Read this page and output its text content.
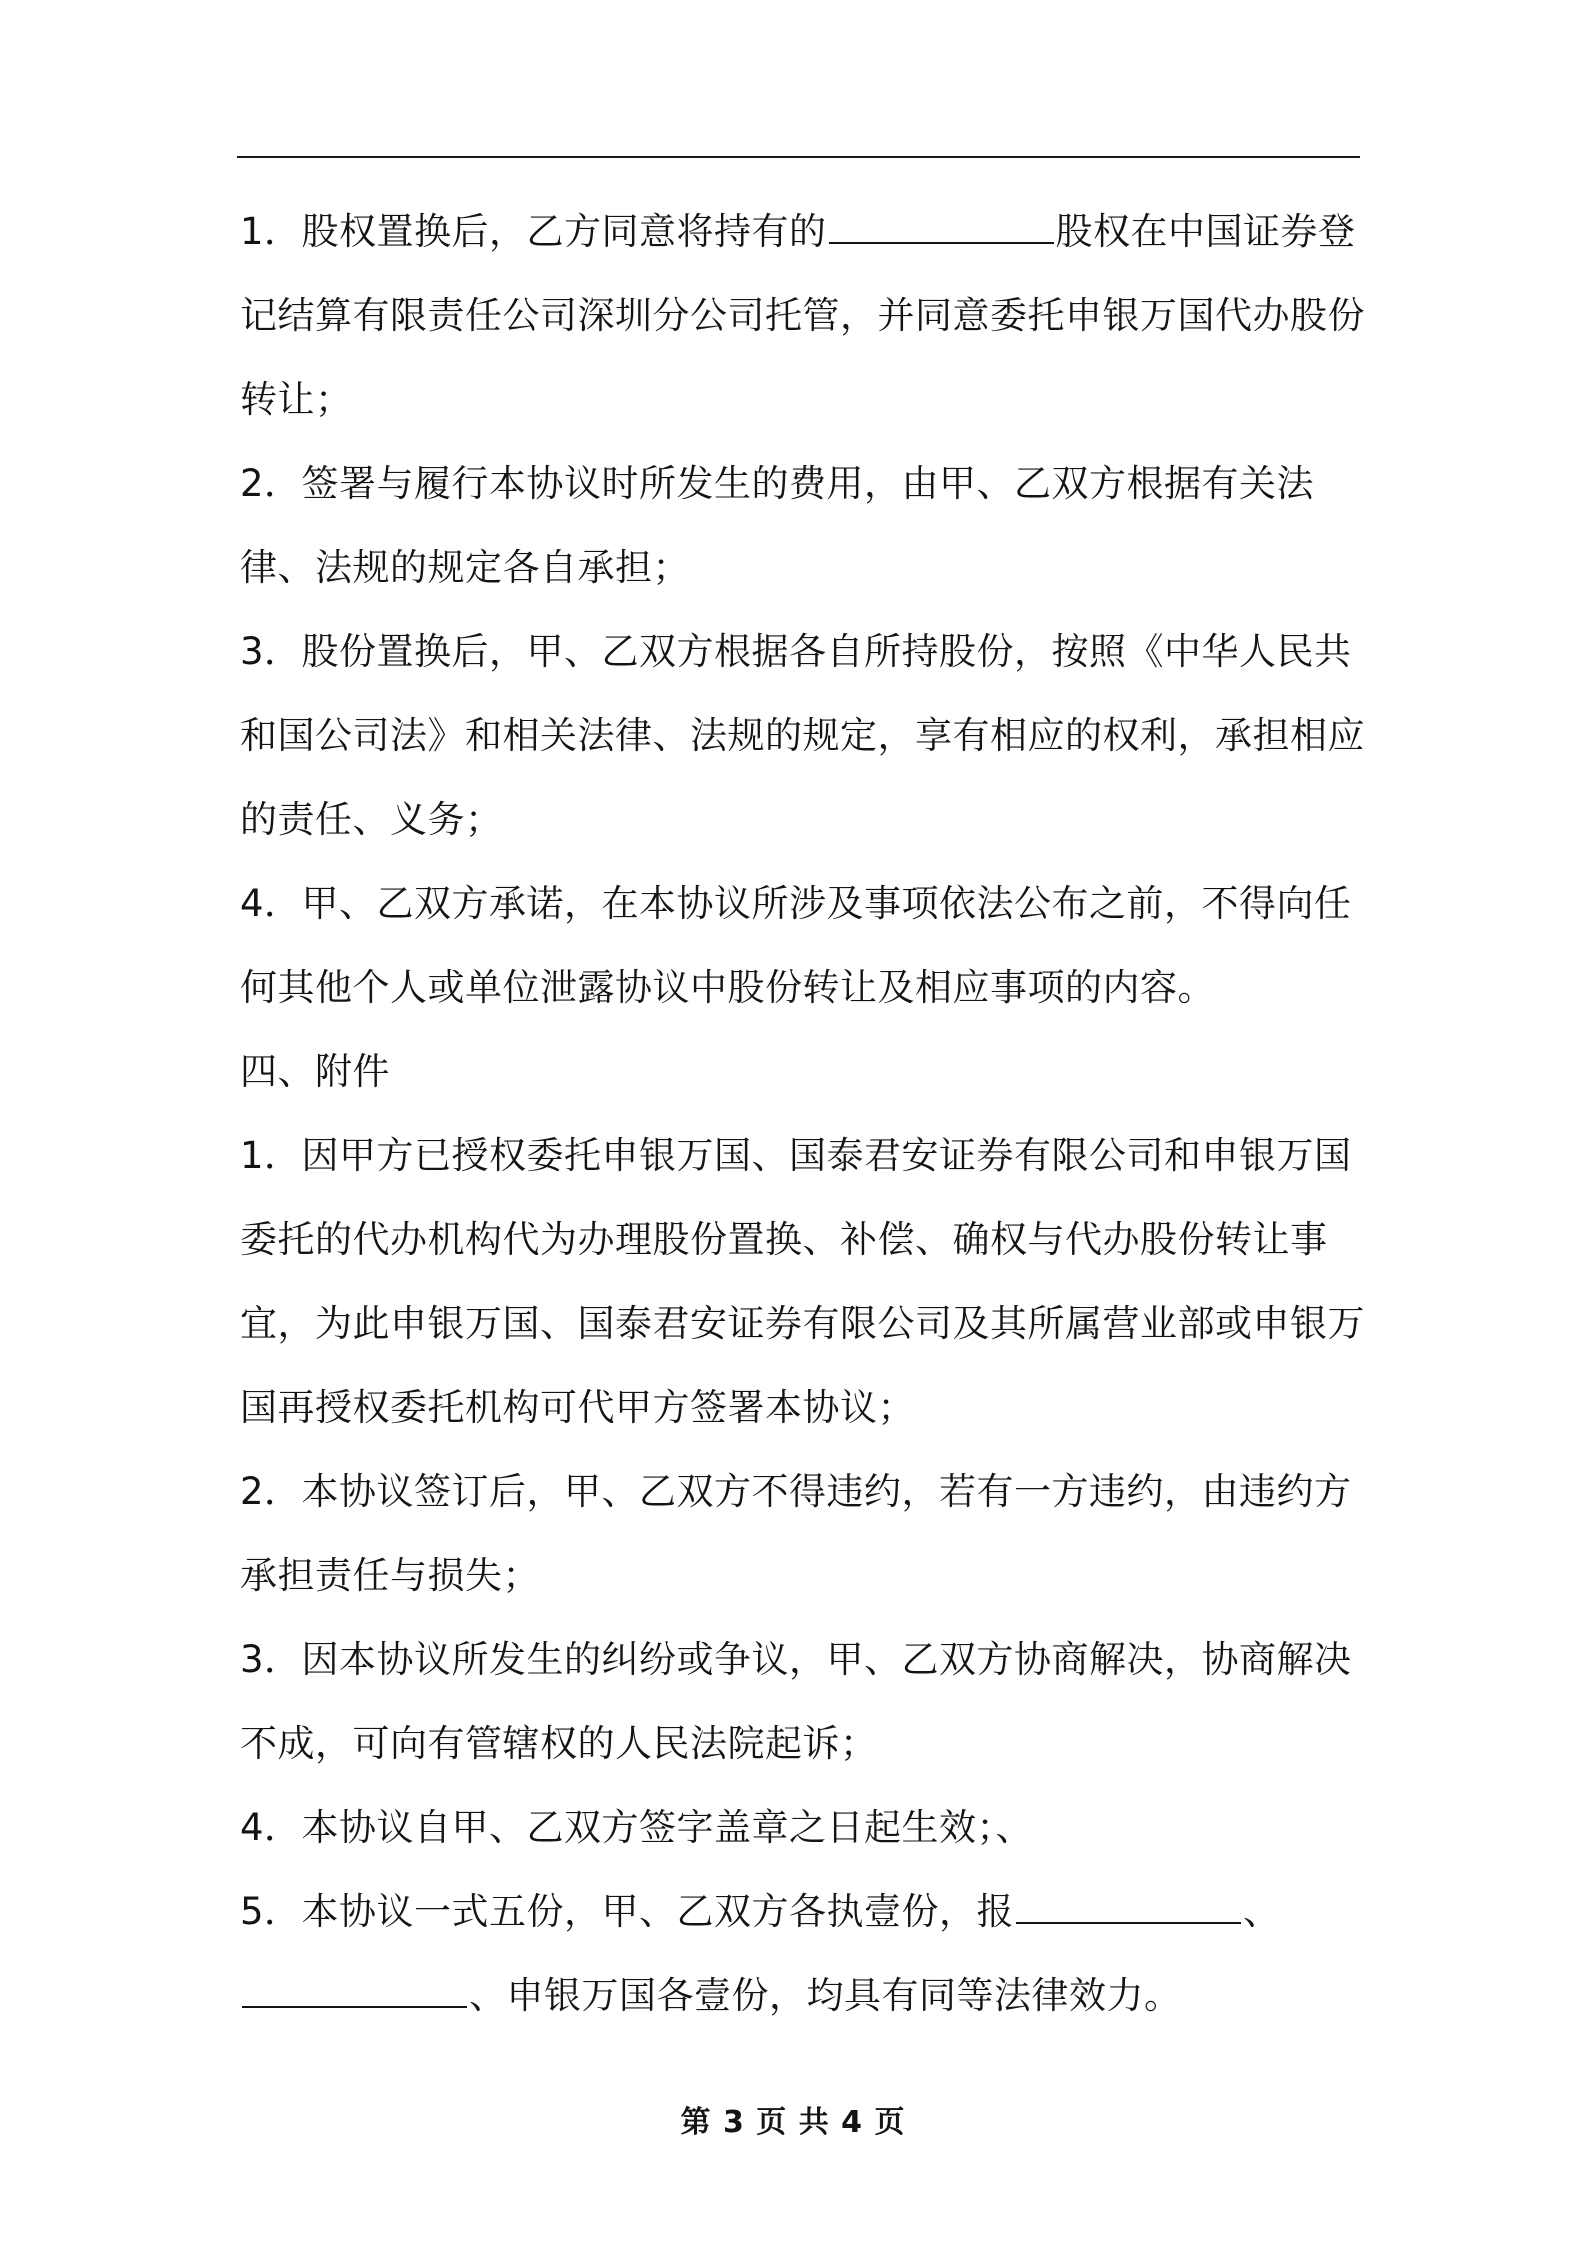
1．股权置换后，乙方同意将持有的	股权在中国证券登记结算有限责任公司深圳分公司托管，并同意委托申银万国代办股份转让；

2．签署与履行本协议时所发生的费用，由甲、乙双方根据有关法律、法规的规定各自承担；

3．股份置换后，甲、乙双方根据各自所持股份，按照《中华人民共和国公司法》和相关法律、法规的规定，享有相应的权利，承担相应的责任、义务；

4．甲、乙双方承诺，在本协议所涉及事项依法公布之前，不得向任何其他个人或单位泄露协议中股份转让及相应事项的内容。

四、附件

1．因甲方已授权委托申银万国、国泰君安证券有限公司和申银万国委托的代办机构代为办理股份置换、补偿、确权与代办股份转让事宜，为此申银万国、国泰君安证券有限公司及其所属营业部或申银万国再授权委托机构可代甲方签署本协议；

2．本协议签订后，甲、乙双方不得违约，若有一方违约，由违约方承担责任与损失；

3．因本协议所发生的纠纷或争议，甲、乙双方协商解决，协商解决不成，可向有管辖权的人民法院起诉；

4．本协议自甲、乙双方签字盖章之日起生效；、

5．本协议一式五份，甲、乙双方各执壹份，报	、、申银万国各壹份，均具有同等法律效力。

第 3 页 共 4 页
